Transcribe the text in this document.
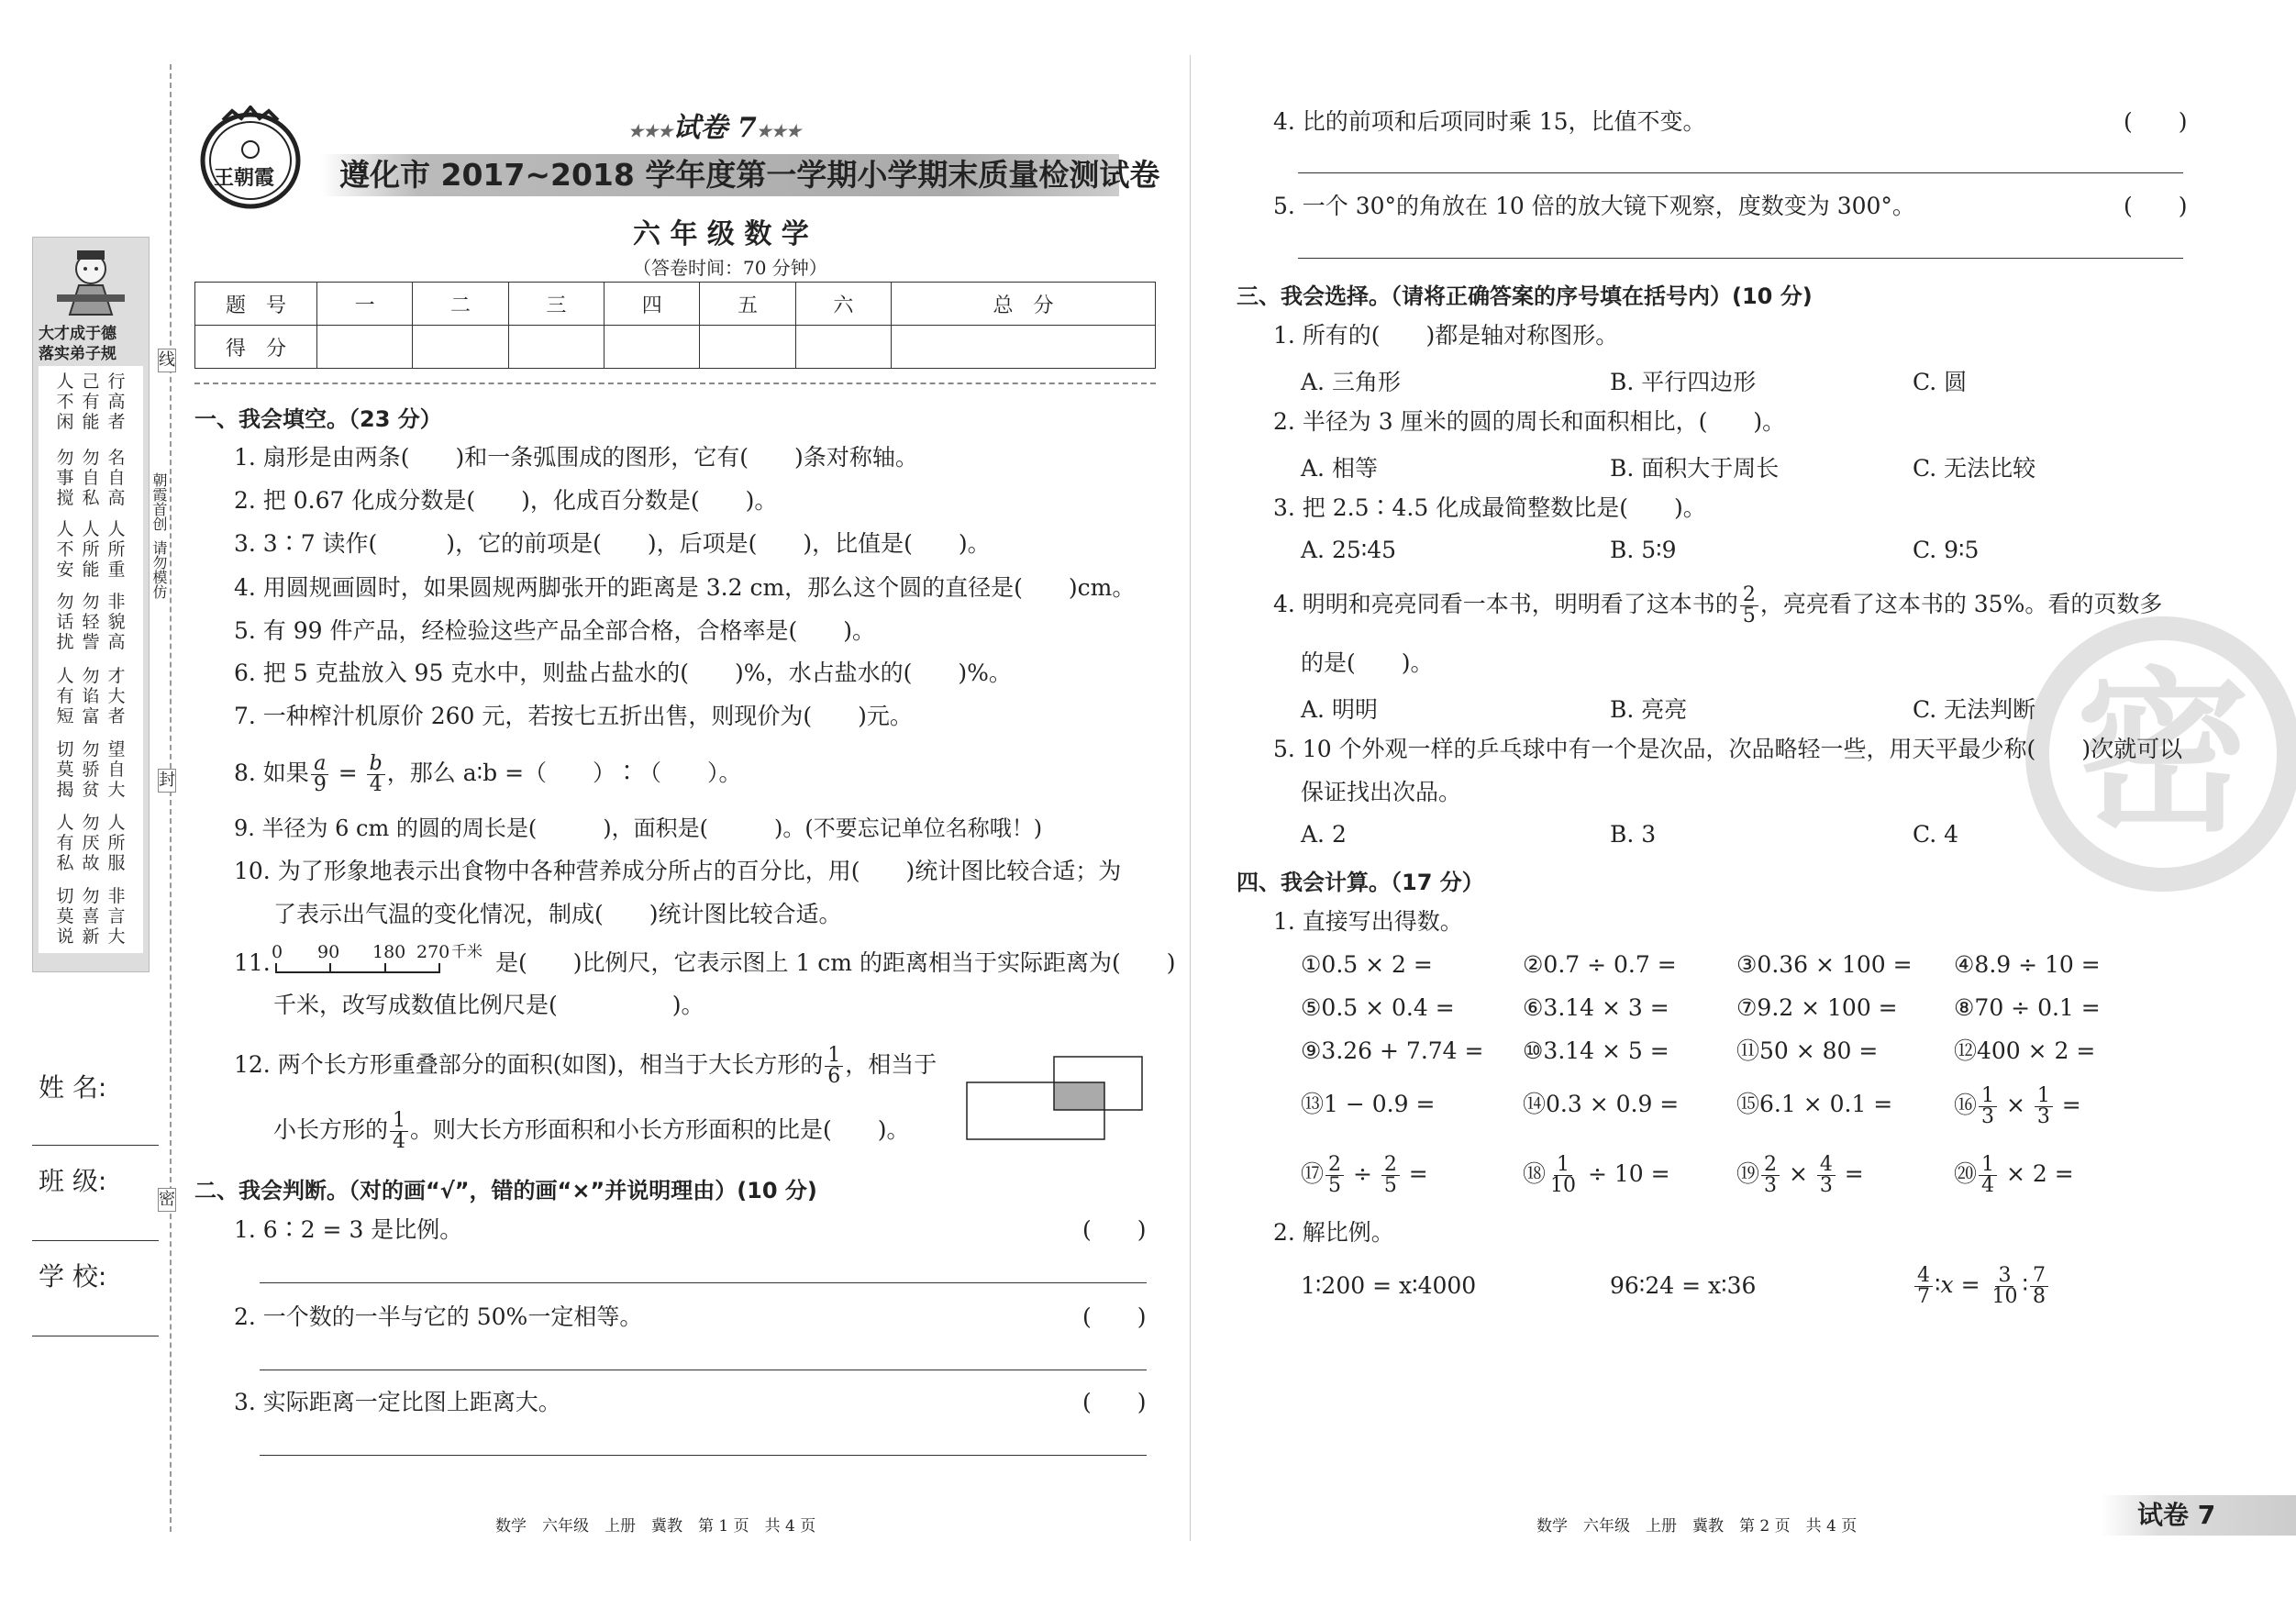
线
封
密
朝霞首创
请勿模仿
大才成于德
落实弟子规
人
不
闲
己
有
能
行
高
者
勿
事
搅
勿
自
私
名
自
高
人
不
安
人
所
能
人
所
重
勿
话
扰
勿
轻
訾
非
貌
高
人
有
短
勿
谄
富
才
大
者
切
莫
揭
勿
骄
贫
望
自
大
人
有
私
勿
厌
故
人
所
服
切
莫
说
勿
喜
新
非
言
大
姓 名:
班 级:
学 校:
王朝霞
★★★试卷 7★★★
遵化市 2017~2018 学年度第一学期小学期末质量检测试卷
六 年 级 数 学
（答卷时间：70 分钟）
题　号	一	二	三	四	五	六	总　分
得　分							
一、我会填空。（23 分）
1. 扇形是由两条(　　)和一条弧围成的图形，它有(　　)条对称轴。
2. 把 0.67 化成分数是(　　)，化成百分数是(　　)。
3. 3∶7 读作(　　　)，它的前项是(　　)，后项是(　　)，比值是(　　)。
4. 用圆规画圆时，如果圆规两脚张开的距离是 3.2 cm，那么这个圆的直径是(　　)cm。
5. 有 99 件产品，经检验这些产品全部合格，合格率是(　　)。
6. 把 5 克盐放入 95 克水中，则盐占盐水的(　　)%，水占盐水的(　　)%。
7. 一种榨汁机原价 260 元，若按七五折出售，则现价为(　　)元。
8. 如果 $\frac{a}{9} = \frac{b}{4}$ ，那么 a∶b =（　　）∶（　　）。
9. 半径为 6 cm 的圆的周长是(　　　)，面积是(　　　)。(不要忘记单位名称哦！)
10. 为了形象地表示出食物中各种营养成分所占的百分比，用(　　)统计图比较合适；为
了表示出气温的变化情况，制成(　　)统计图比较合适。
11. 0 90 180 270 千米 是(　　)比例尺，它表示图上 1 cm 的距离相当于实际距离为(　　)
千米，改写成数值比例尺是(　　　　　)。
12. 两个长方形重叠部分的面积(如图)，相当于大长方形的 $\frac{1}{6}$ ，相当于
小长方形的 $\frac{1}{4}$ 。则大长方形面积和小长方形面积的比是(　　)。
二、我会判断。（对的画“√”，错的画“×”并说明理由）(10 分)
1. 6∶2 = 3 是比例。	(　　)
2. 一个数的一半与它的 50%一定相等。	(　　)
3. 实际距离一定比图上距离大。	(　　)
数学　六年级　上册　冀教　第 1 页　共 4 页
4. 比的前项和后项同时乘 15，比值不变。	(　　)
5. 一个 30°的角放在 10 倍的放大镜下观察，度数变为 300°。	(　　)
密
三、我会选择。（请将正确答案的序号填在括号内）(10 分)
1. 所有的(　　)都是轴对称图形。
A. 三角形	B. 平行四边形	C. 圆
2. 半径为 3 厘米的圆的周长和面积相比，(　　)。
A. 相等	B. 面积大于周长	C. 无法比较
3. 把 2.5∶4.5 化成最简整数比是(　　)。
A. 25∶45	B. 5∶9	C. 9∶5
4. 明明和亮亮同看一本书，明明看了这本书的 $\frac{2}{5}$ ，亮亮看了这本书的 35%。看的页数多
的是(　　)。
A. 明明	B. 亮亮	C. 无法判断
5. 10 个外观一样的乒乓球中有一个是次品，次品略轻一些，用天平最少称(　　)次就可以
保证找出次品。
A. 2	B. 3	C. 4
四、我会计算。（17 分）
1. 直接写出得数。
①0.5 × 2 =	②0.7 ÷ 0.7 =	③0.36 × 100 = ④8.9 ÷ 10 =
⑤0.5 × 0.4 =	⑥3.14 × 3 =	⑦9.2 × 100 = ⑧70 ÷ 0.1 =
⑨3.26 + 7.74 = ⑩3.14 × 5 =	⑪50 × 80 =	⑫400 × 2 =
⑬1 − 0.9 =	⑭0.3 × 0.9 =	⑮6.1 × 0.1 =	⑯ $\frac{1}{3} \times \frac{1}{3}$ =
⑰ $\frac{2}{5} \div \frac{2}{5}$ =	⑱ $\frac{1}{10} \div 10$ =	⑲ $\frac{2}{3} \times \frac{4}{3}$ =	⑳ $\frac{1}{4} \times 2$ =
2. 解比例。
1∶200 = x∶4000	96∶24 = x∶36	$\frac{4}{7}$ ∶x = $\frac{3}{10}$ ∶ $\frac{7}{8}$
数学　六年级　上册　冀教　第 2 页　共 4 页	试卷 7
